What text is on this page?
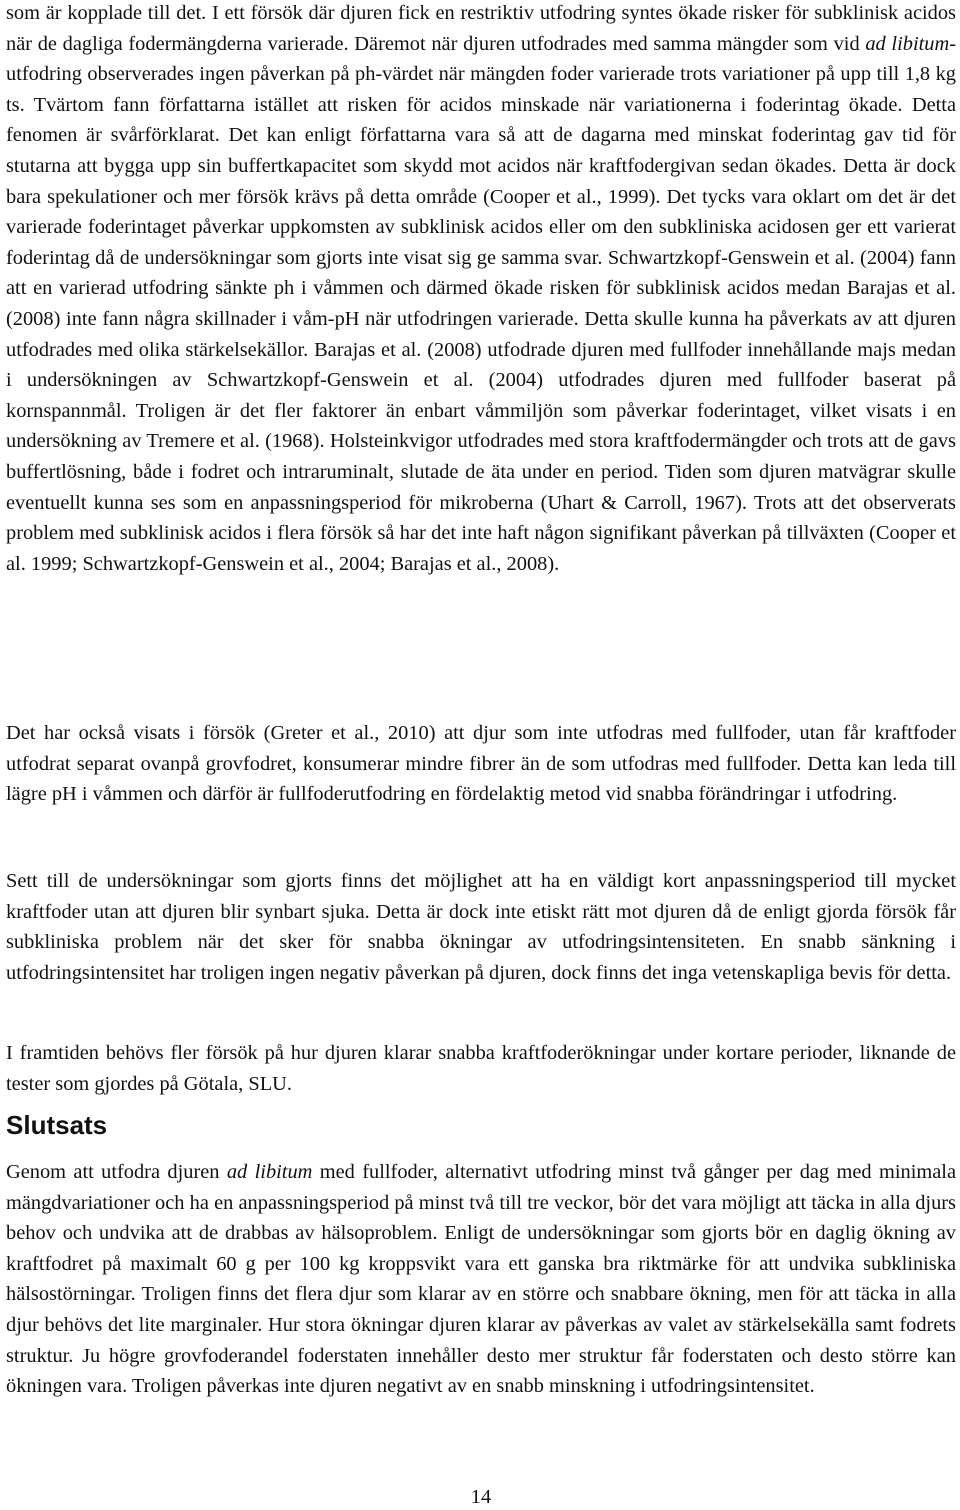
som är kopplade till det. I ett försök där djuren fick en restriktiv utfodring syntes ökade risker för subklinisk acidos när de dagliga fodermängderna varierade. Däremot när djuren utfodrades med samma mängder som vid ad libitum-utfodring observerades ingen påverkan på ph-värdet när mängden foder varierade trots variationer på upp till 1,8 kg ts. Tvärtom fann författarna istället att risken för acidos minskade när variationerna i foderintag ökade. Detta fenomen är svårförklarat. Det kan enligt författarna vara så att de dagarna med minskat foderintag gav tid för stutarna att bygga upp sin buffertkapacitet som skydd mot acidos när kraftfodergivan sedan ökades. Detta är dock bara spekulationer och mer försök krävs på detta område (Cooper et al., 1999). Det tycks vara oklart om det är det varierade foderintaget påverkar uppkomsten av subklinisk acidos eller om den subkliniska acidosen ger ett varierat foderintag då de undersökningar som gjorts inte visat sig ge samma svar. Schwartzkopf-Genswein et al. (2004) fann att en varierad utfodring sänkte ph i våmmen och därmed ökade risken för subklinisk acidos medan Barajas et al. (2008) inte fann några skillnader i våm-pH när utfodringen varierade. Detta skulle kunna ha påverkats av att djuren utfodrades med olika stärkelsekällor. Barajas et al. (2008) utfodrade djuren med fullfoder innehållande majs medan i undersökningen av Schwartzkopf-Genswein et al. (2004) utfodrades djuren med fullfoder baserat på kornspannmål. Troligen är det fler faktorer än enbart våmmiljön som påverkar foderintaget, vilket visats i en undersökning av Tremere et al. (1968). Holsteinkvigor utfodrades med stora kraftfodermängder och trots att de gavs buffertlösning, både i fodret och intraruminalt, slutade de äta under en period. Tiden som djuren matvägrar skulle eventuellt kunna ses som en anpassningsperiod för mikroberna (Uhart & Carroll, 1967). Trots att det observerats problem med subklinisk acidos i flera försök så har det inte haft någon signifikant påverkan på tillväxten (Cooper et al. 1999; Schwartzkopf-Genswein et al., 2004; Barajas et al., 2008).

Det har också visats i försök (Greter et al., 2010) att djur som inte utfodras med fullfoder, utan får kraftfoder utfodrat separat ovanpå grovfodret, konsumerar mindre fibrer än de som utfodras med fullfoder. Detta kan leda till lägre pH i våmmen och därför är fullfoderutfodring en fördelaktig metod vid snabba förändringar i utfodring.

Sett till de undersökningar som gjorts finns det möjlighet att ha en väldigt kort anpassningsperiod till mycket kraftfoder utan att djuren blir synbart sjuka. Detta är dock inte etiskt rätt mot djuren då de enligt gjorda försök får subkliniska problem när det sker för snabba ökningar av utfodringsintensiteten. En snabb sänkning i utfodringsintensitet har troligen ingen negativ påverkan på djuren, dock finns det inga vetenskapliga bevis för detta.

I framtiden behövs fler försök på hur djuren klarar snabba kraftfoderökningar under kortare perioder, liknande de tester som gjordes på Götala, SLU.

Slutsats

Genom att utfodra djuren ad libitum med fullfoder, alternativt utfodring minst två gånger per dag med minimala mängdvariationer och ha en anpassningsperiod på minst två till tre veckor, bör det vara möjligt att täcka in alla djurs behov och undvika att de drabbas av hälsoproblem. Enligt de undersökningar som gjorts bör en daglig ökning av kraftfodret på maximalt 60 g per 100 kg kroppsvikt vara ett ganska bra riktmärke för att undvika subkliniska hälsostörningar. Troligen finns det flera djur som klarar av en större och snabbare ökning, men för att täcka in alla djur behövs det lite marginaler. Hur stora ökningar djuren klarar av påverkas av valet av stärkelsekälla samt fodrets struktur. Ju högre grovfoderandel foderstaten innehåller desto mer struktur får foderstaten och desto större kan ökningen vara. Troligen påverkas inte djuren negativt av en snabb minskning i utfodringsintensitet.

14
